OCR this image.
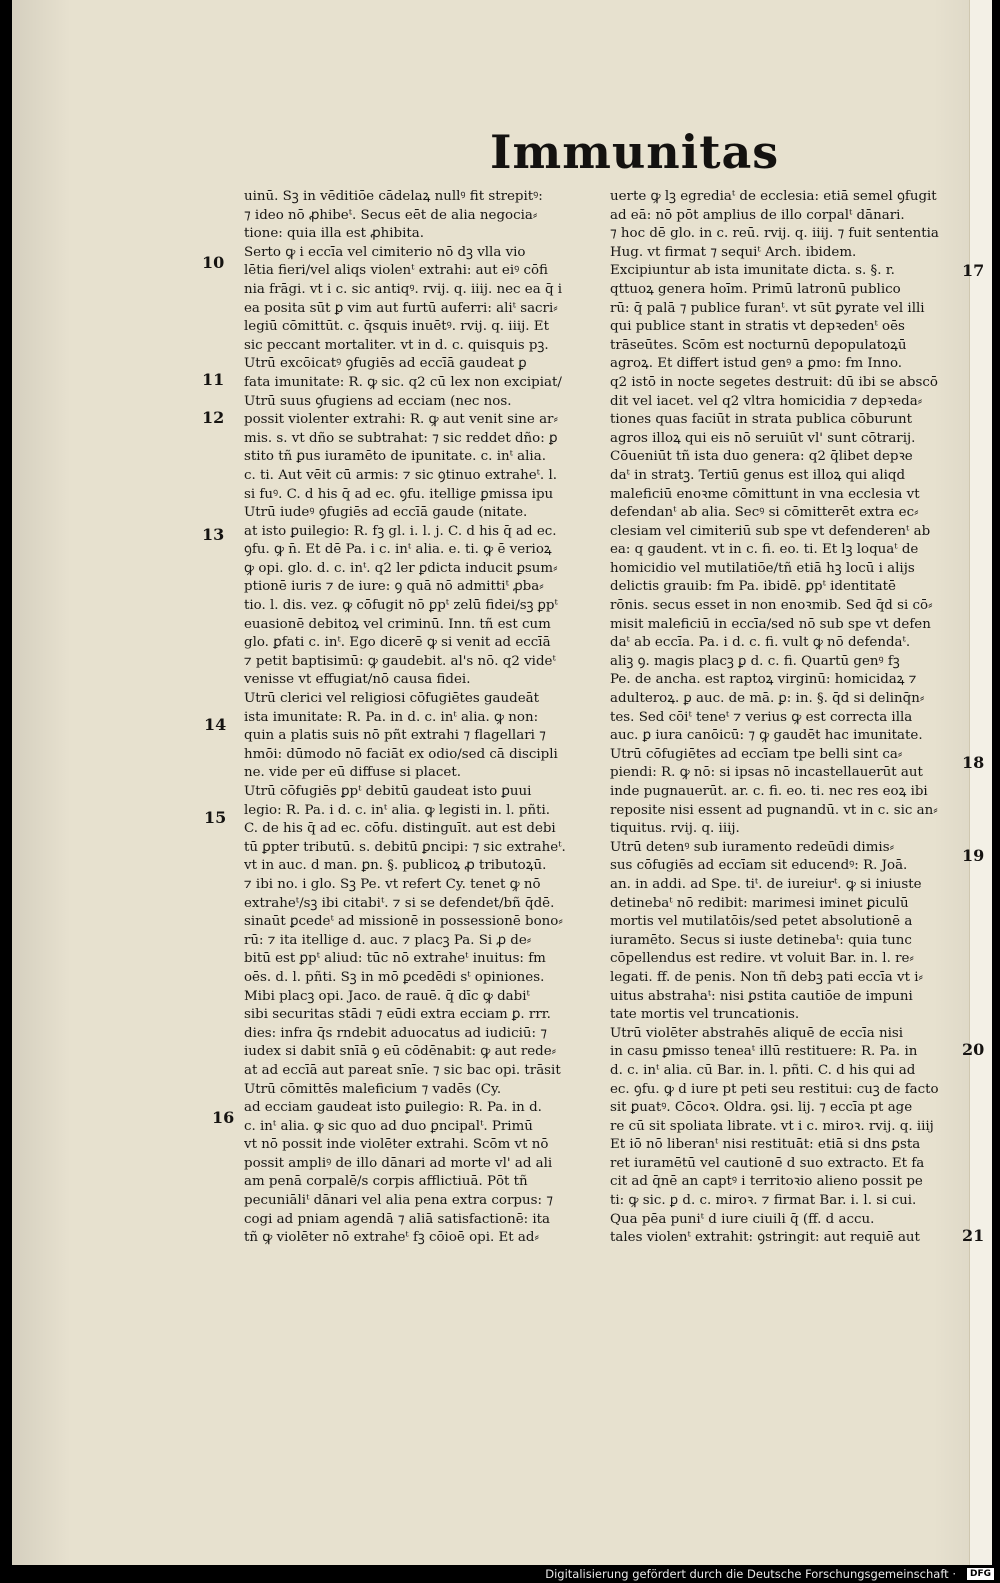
Immunitas
uinū. Sꝫ in vēditiōe cādelaꝝ nullꝰ fit strepitꝰ:
⁊ ideo nō ꝓhibeᵗ. Secus eēt de alia negocia⸗
tione: quia illa est ꝓhibita.
Serto ꝙ i eccīa vel cimiterio nō dꝫ vlla vio
lētia fieri/vel aliqs violenᵗ extrahi: aut eiꝰ cōfi
nia frāgi. vt i c. sic antiqꝰ. rvij. q. iiij. nec ea q̄ i
ea posita sūt ꝑ vim aut furtū auferri: aliᵗ sacri⸗
legiū cōmittūt. c. q̄squis inuētꝰ. rvij. q. iiij. Et
sic peccant mortaliter. vt in d. c. quisquis pꝫ.
Utrū excōicatꝰ ꝯfugiēs ad eccīā gaudeat ꝑ
fata imunitate: R. ꝙ sic. q2 cū lex non excipiat/
Utrū suus ꝯfugiens ad ecciam (nec nos.
possit violenter extrahi: R. ꝙ aut venit sine ar⸗
mis. s. vt dño se subtrahat: ⁊ sic reddet dño: ꝑ
stito tñ ꝑus iuramēto de ipunitate. c. inᵗ alia.
c. ti. Aut vēit cū armis: ⁊ sic ꝯtinuo extraheᵗ. l.
si fuꝰ. C. d his q̄ ad ec. ꝯfu. itellige ꝑmissa ipu
Utrū iudeꝰ ꝯfugiēs ad eccīā gaude (nitate.
at isto ꝑuilegio: R. fꝫ gl. i. l. j. C. d his q̄ ad ec.
ꝯfu. ꝙ n̄. Et dē Pa. i c. inᵗ alia. e. ti. ꝙ ē verioꝝ
ꝙ opi. glo. d. c. inᵗ. q2 ler ꝑdicta inducit ꝑsum⸗
ptionē iuris ⁊ de iure: ꝯ quā nō admittiᵗ ꝓba⸗
tio. l. dis. vez. ꝙ cōfugit nō ꝑpᵗ zelū fidei/sꝫ ꝑpᵗ
euasionē debitoꝝ vel criminū. Inn. tñ est cum
glo. ꝑfati c. inᵗ. Ego dicerē ꝙ si venit ad eccīā
⁊ petit baptisimū: ꝙ gaudebit. al's nō. q2 videᵗ
venisse vt effugiat/nō causa fidei.
Utrū clerici vel religiosi cōfugiētes gaudeāt
ista imunitate: R. Pa. in d. c. inᵗ alia. ꝙ non:
quin a platis suis nō pñt extrahi ⁊ flagellari ⁊
hmōi: dūmodo nō faciāt ex odio/sed cā discipli
ne. vide per eū diffuse si placet.
Utrū cōfugiēs ꝑpᵗ debitū gaudeat isto ꝑuui
legio: R. Pa. i d. c. inᵗ alia. ꝙ legisti in. l. pñti.
C. de his q̄ ad ec. cōfu. distinguīt. aut est debi
tū ꝑpter tributū. s. debitū ꝑncipi: ⁊ sic extraheᵗ.
vt in auc. d man. ꝑn. §. publicoꝝ ꝓ tributoꝝū.
⁊ ibi no. i glo. Sꝫ Pe. vt refert Cy. tenet ꝙ nō
extraheᵗ/sꝫ ibi citabiᵗ. ⁊ si se defendet/bñ q̄dē.
sinaūt ꝑcedeᵗ ad missionē in possessionē bono⸗
rū: ⁊ ita itellige d. auc. ⁊ placꝫ Pa. Si ꝓ de⸗
bitū est ꝑpᵗ aliud: tūc nō extraheᵗ inuitus: fm
oēs. d. l. pñti. Sꝫ in mō ꝑcedēdi sᵗ opiniones.
Mibi placꝫ opi. Jaco. de rauē. q̄ dīc ꝙ dabiᵗ
sibi securitas stādi ⁊ eūdi extra ecciam ꝑ. rrr.
dies: infra q̄s rndebit aduocatus ad iudiciū: ⁊
iudex si dabit snīā ꝯ eū cōdēnabit: ꝙ aut rede⸗
at ad eccīā aut pareat snīe. ⁊ sic bac opi. trāsit
Utrū cōmittēs maleficium ⁊ vadēs (Cy.
ad ecciam gaudeat isto ꝑuilegio: R. Pa. in d.
c. inᵗ alia. ꝙ sic quo ad duo ꝑncipalᵗ. Primū
vt nō possit inde violēter extrahi. Scōm vt nō
possit ampliꝰ de illo dānari ad morte vl' ad ali
am penā corpalē/s corpis afflictiuā. Pōt tñ
pecuniāliᵗ dānari vel alia pena extra corpus: ⁊
cogi ad pniam agendā ⁊ aliā satisfactionē: ita
tñ ꝙ violēter nō extraheᵗ fꝫ cōioē opi. Et ad⸗
uerte ꝙ lꝫ egrediaᵗ de ecclesia: etiā semel ꝯfugit
ad eā: nō pōt amplius de illo corpalᵗ dānari.
⁊ hoc dē glo. in c. reū. rvij. q. iiij. ⁊ fuit sententia
Hug. vt firmat ⁊ sequiᵗ Arch. ibidem.
Excipiuntur ab ista imunitate dicta. s. §. r.
qttuoꝝ genera hoīm. Primū latronū publico
rū: q̄ palā ⁊ publice furanᵗ. vt sūt ꝑyrate vel illi
qui publice stant in stratis vt depꝛedenᵗ oēs
trāseūtes. Scōm est nocturnū depopulatoꝝū
agroꝝ. Et differt istud genꝰ a ꝑmo: fm Inno.
q2 istō in nocte segetes destruit: dū ibi se abscō
dit vel iacet. vel q2 vltra homicidia ⁊ depꝛeda⸗
tiones quas faciūt in strata publica cōburunt
agros illoꝝ qui eis nō seruiūt vl' sunt cōtrarij.
Cōueniūt tñ ista duo genera: q2 q̄libet depꝛe
daᵗ in stratꝫ. Tertiū genus est illoꝝ qui aliqd̄
maleficiū enoꝛme cōmittunt in vna ecclesia vt
defendanᵗ ab alia. Secꝰ si cōmitterēt extra ec⸗
clesiam vel cimiteriū sub spe vt defenderenᵗ ab
ea: q gaudent. vt in c. fi. eo. ti. Et lꝫ loquaᵗ de
homicidio vel mutilatiōe/tñ etiā hꝫ locū i alijs
delictis grauib: fm Pa. ibidē. ꝑpᵗ identitatē
rōnis. secus esset in non enoꝛmib. Sed q̄d si cō⸗
misit maleficiū in eccīa/sed nō sub spe vt defen
daᵗ ab eccīa. Pa. i d. c. fi. vult ꝙ nō defendaᵗ.
aliꝫ ꝯ. magis placꝫ ꝑ d. c. fi. Quartū genꝰ fꝫ
Pe. de ancha. est raptoꝝ virginū: homicidaꝝ ⁊
adulteroꝝ. ꝑ auc. de mā. ꝑ: in. §. q̄d si delinq̄n⸗
tes. Sed cōiᵗ teneᵗ ⁊ verius ꝙ est correcta illa
auc. ꝑ iura canōicū: ⁊ ꝙ gaudēt hac imunitate.
Utrū cōfugiētes ad eccīam tpe belli sint ca⸗
piendi: R. ꝙ nō: si ipsas nō incastellauerūt aut
inde pugnauerūt. ar. c. fi. eo. ti. nec res eoꝝ ibi
reposite nisi essent ad pugnandū. vt in c. sic an⸗
tiquitus. rvij. q. iiij.
Utrū detenꝰ sub iuramento redeūdi dimis⸗
sus cōfugiēs ad eccīam sit educendꝰ: R. Joā.
an. in addi. ad Spe. tiᵗ. de iureiurᵗ. ꝙ si iniuste
detinebaᵗ nō redibit: marimesi iminet ꝑiculū
mortis vel mutilatōis/sed petet absolutionē a
iuramēto. Secus si iuste detinebaᵗ: quia tunc
cōpellendus est redire. vt voluit Bar. in. l. re⸗
legati. ff. de penis. Non tñ debꝫ pati eccīa vt i⸗
uitus abstrahaᵗ: nisi ꝑstita cautiōe de impuni
tate mortis vel truncationis.
Utrū violēter abstrahēs aliquē de eccīa nisi
in casu ꝑmisso teneaᵗ illū restituere: R. Pa. in
d. c. inᵗ alia. cū Bar. in. l. pñti. C. d his qui ad
ec. ꝯfu. ꝙ d iure pt peti seu restitui: cuꝫ de facto
sit ꝑuatꝰ. Cōcoꝛ. Oldra. ꝯsi. lij. ⁊ eccīa pt age
re cū sit spoliata librate. vt i c. miroꝛ. rvij. q. iiij
Et iō nō liberanᵗ nisi restituāt: etiā si dns ꝑsta
ret iuramētū vel cautionē d suo extracto. Et fa
cit ad q̄nē an captꝰ i territoꝛio alieno possit pe
ti: ꝙ sic. ꝑ d. c. miroꝛ. ⁊ firmat Bar. i. l. si cui.
Qua pēa puniᵗ d iure ciuili q̄ (ff. d accu.
tales violenᵗ extrahit: ꝯstringit: aut requiē aut
10
11
12
13
14
15
16
17
18
19
20
21
Digitalisierung gefördert durch die Deutsche Forschungsgemeinschaft ·	DFG
